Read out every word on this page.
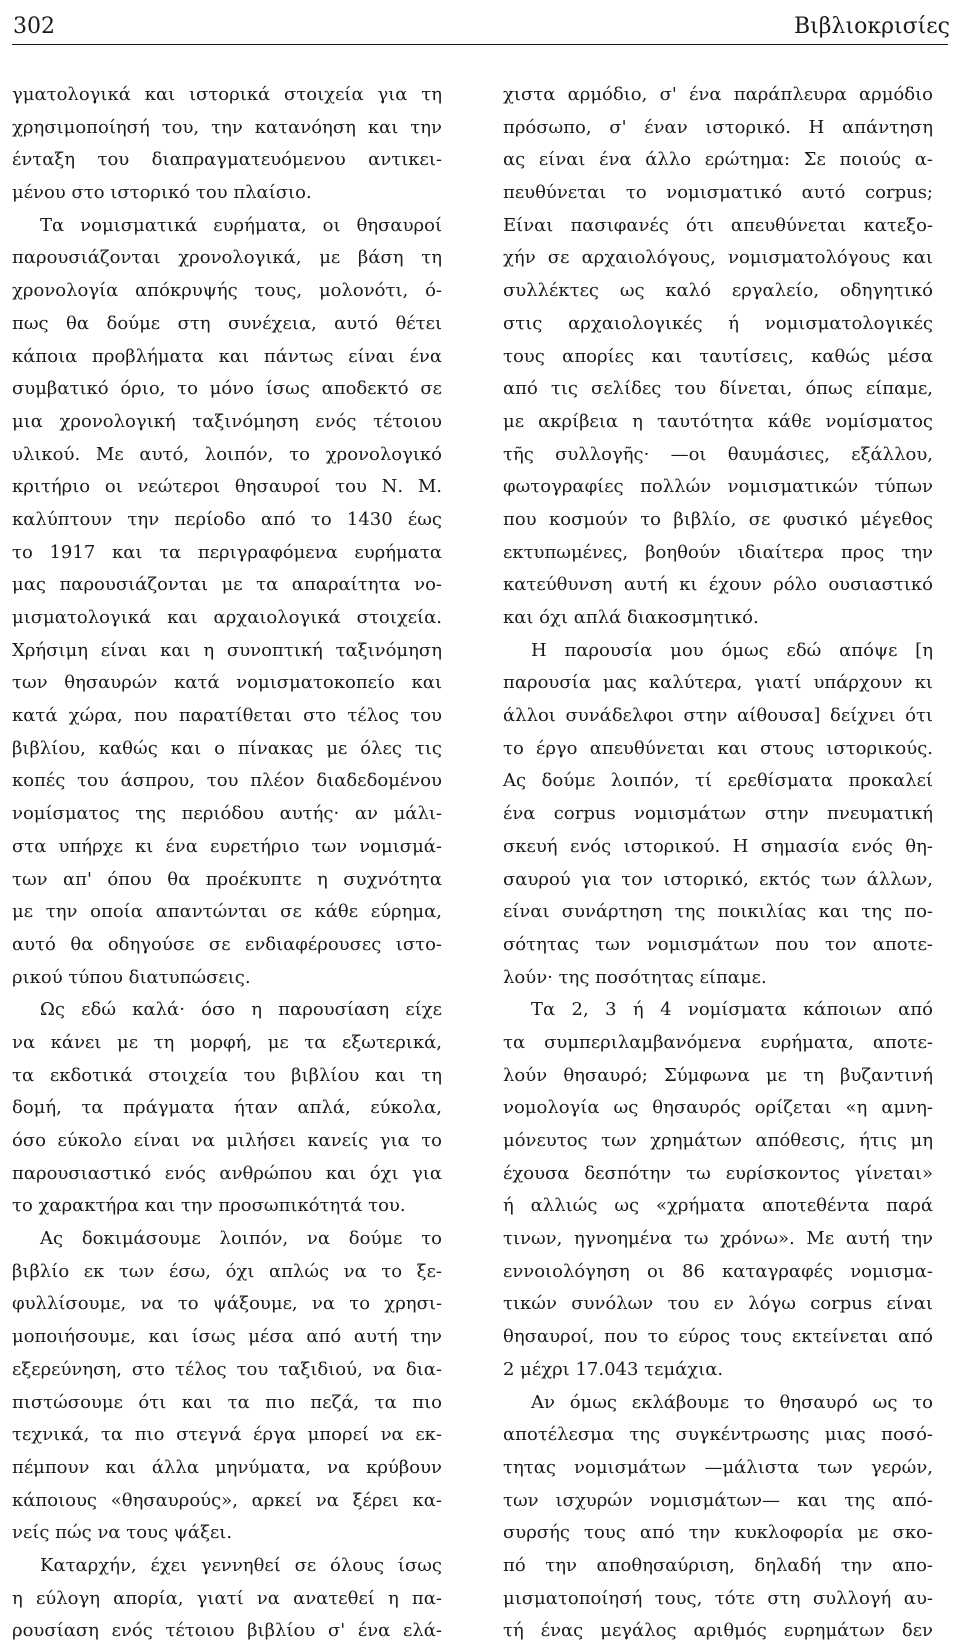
302	Βιβλιοκρισίες
γματολογικά και ιστορικά στοιχεία για τη
χρησιμοποίησή του, την κατανόηση και την
ένταξη του διαπραγματευόμενου αντικει-
μένου στο ιστορικό του πλαίσιο.
Τα νομισματικά ευρήματα, οι θησαυροί
παρουσιάζονται χρονολογικά, με βάση τη
χρονολογία απόκρυψής τους, μολονότι, ό-
πως θα δούμε στη συνέχεια, αυτό θέτει
κάποια προβλήματα και πάντως είναι ένα
συμβατικό όριο, το μόνο ίσως αποδεκτό σε
μια χρονολογική ταξινόμηση ενός τέτοιου
υλικού. Με αυτό, λοιπόν, το χρονολογικό
κριτήριο οι νεώτεροι θησαυροί του Ν. Μ.
καλύπτουν την περίοδο από το 1430 έως
το 1917 και τα περιγραφόμενα ευρήματα
μας παρουσιάζονται με τα απαραίτητα νο-
μισματολογικά και αρχαιολογικά στοιχεία.
Χρήσιμη είναι και η συνοπτική ταξινόμηση
των θησαυρών κατά νομισματοκοπείο και
κατά χώρα, που παρατίθεται στο τέλος του
βιβλίου, καθώς και ο πίνακας με όλες τις
κοπές του άσπρου, του πλέον διαδεδομένου
νομίσματος της περιόδου αυτής· αν μάλι-
στα υπήρχε κι ένα ευρετήριο των νομισμά-
των απ' όπου θα προέκυπτε η συχνότητα
με την οποία απαντώνται σε κάθε εύρημα,
αυτό θα οδηγούσε σε ενδιαφέρουσες ιστο-
ρικού τύπου διατυπώσεις.
Ως εδώ καλά· όσο η παρουσίαση είχε
να κάνει με τη μορφή, με τα εξωτερικά,
τα εκδοτικά στοιχεία του βιβλίου και τη
δομή, τα πράγματα ήταν απλά, εύκολα,
όσο εύκολο είναι να μιλήσει κανείς για το
παρουσιαστικό ενός ανθρώπου και όχι για
το χαρακτήρα και την προσωπικότητά του.
Ας δοκιμάσουμε λοιπόν, να δούμε το
βιβλίο εκ των έσω, όχι απλώς να το ξε-
φυλλίσουμε, να το ψάξουμε, να το χρησι-
μοποιήσουμε, και ίσως μέσα από αυτή την
εξερεύνηση, στο τέλος του ταξιδιού, να δια-
πιστώσουμε ότι και τα πιο πεζά, τα πιο
τεχνικά, τα πιο στεγνά έργα μπορεί να εκ-
πέμπουν και άλλα μηνύματα, να κρύβουν
κάποιους «θησαυρούς», αρκεί να ξέρει κα-
νείς πώς να τους ψάξει.
Καταρχήν, έχει γεννηθεί σε όλους ίσως
η εύλογη απορία, γιατί να ανατεθεί η πα-
ρουσίαση ενός τέτοιου βιβλίου σ' ένα ελά-
χιστα αρμόδιο, σ' ένα παράπλευρα αρμόδιο
πρόσωπο, σ' έναν ιστορικό. Η απάντηση
ας είναι ένα άλλο ερώτημα: Σε ποιούς α-
πευθύνεται το νομισματικό αυτό corpus;
Είναι πασιφανές ότι απευθύνεται κατεξο-
χήν σε αρχαιολόγους, νομισματολόγους και
συλλέκτες ως καλό εργαλείο, οδηγητικό
στις αρχαιολογικές ή νομισματολογικές
τους απορίες και ταυτίσεις, καθώς μέσα
από τις σελίδες του δίνεται, όπως είπαμε,
με ακρίβεια η ταυτότητα κάθε νομίσματος
τῆς συλλογῆς· —οι θαυμάσιες, εξάλλου,
φωτογραφίες πολλών νομισματικών τύπων
που κοσμούν το βιβλίο, σε φυσικό μέγεθος
εκτυπωμένες, βοηθούν ιδιαίτερα προς την
κατεύθυνση αυτή κι έχουν ρόλο ουσιαστικό
και όχι απλά διακοσμητικό.
Η παρουσία μου όμως εδώ απόψε [η
παρουσία μας καλύτερα, γιατί υπάρχουν κι
άλλοι συνάδελφοι στην αίθουσα] δείχνει ότι
το έργο απευθύνεται και στους ιστορικούς.
Ας δούμε λοιπόν, τί ερεθίσματα προκαλεί
ένα corpus νομισμάτων στην πνευματική
σκευή ενός ιστορικού. Η σημασία ενός θη-
σαυρού για τον ιστορικό, εκτός των άλλων,
είναι συνάρτηση της ποικιλίας και της πο-
σότητας των νομισμάτων που τον αποτε-
λούν· της ποσότητας είπαμε.
Τα 2, 3 ή 4 νομίσματα κάποιων από
τα συμπεριλαμβανόμενα ευρήματα, αποτε-
λούν θησαυρό; Σύμφωνα με τη βυζαντινή
νομολογία ως θησαυρός ορίζεται «η αμνη-
μόνευτος των χρημάτων απόθεσις, ήτις μη
έχουσα δεσπότην τω ευρίσκοντος γίνεται»
ή αλλιώς ως «χρήματα αποτεθέντα παρά
τινων, ηγνοημένα τω χρόνω». Με αυτή την
εννοιολόγηση οι 86 καταγραφές νομισμα-
τικών συνόλων του εν λόγω corpus είναι
θησαυροί, που το εύρος τους εκτείνεται από
2 μέχρι 17.043 τεμάχια.
Αν όμως εκλάβουμε το θησαυρό ως το
αποτέλεσμα της συγκέντρωσης μιας ποσό-
τητας νομισμάτων —μάλιστα των γερών,
των ισχυρών νομισμάτων— και της από-
συρσής τους από την κυκλοφορία με σκο-
πό την αποθησαύριση, δηλαδή την απο-
μισματοποίησή τους, τότε στη συλλογή αυ-
τή ένας μεγάλος αριθμός ευρημάτων δεν
